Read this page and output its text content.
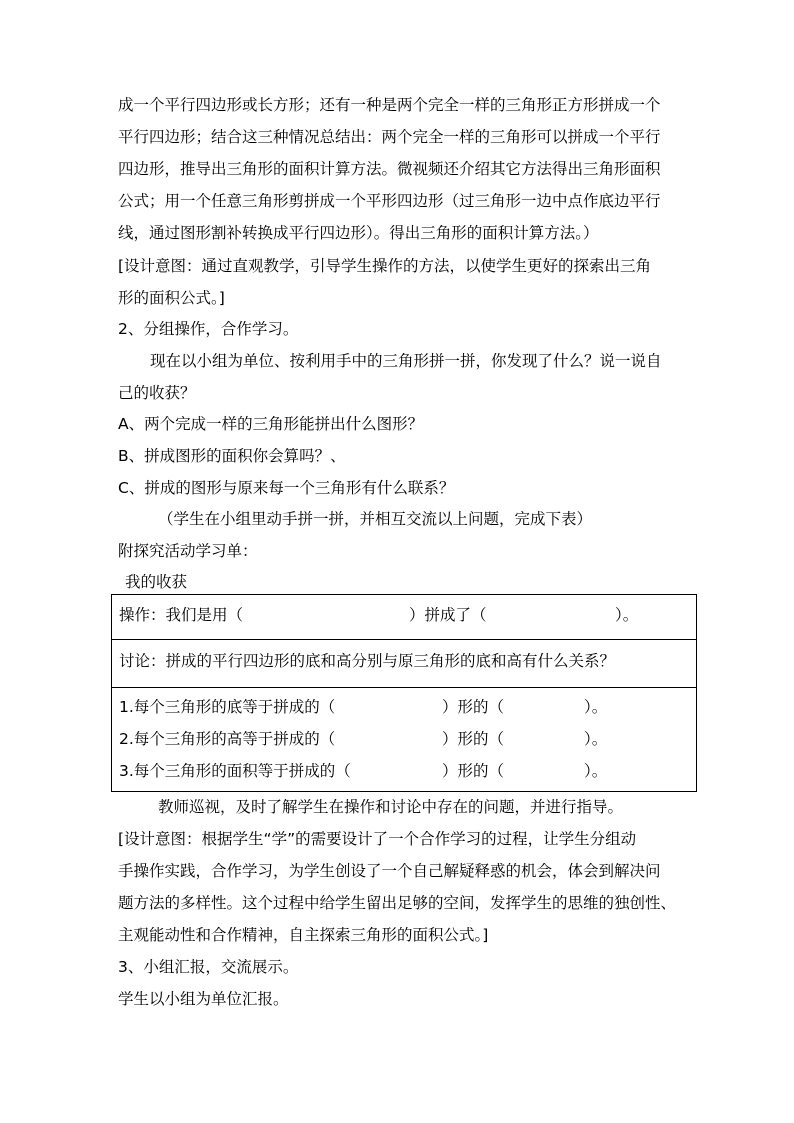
成一个平行四边形或长方形；还有一种是两个完全一样的三角形正方形拼成一个
平行四边形；结合这三种情况总结出：两个完全一样的三角形可以拼成一个平行
四边形，推导出三角形的面积计算方法。微视频还介绍其它方法得出三角形面积
公式；用一个任意三角形剪拼成一个平形四边形（过三角形一边中点作底边平行
线，通过图形割补转换成平行四边形）。得出三角形的面积计算方法。）
[设计意图：通过直观教学，引导学生操作的方法，以使学生更好的探索出三角
形的面积公式。]
2、分组操作，合作学习。
现在以小组为单位、按利用手中的三角形拼一拼，你发现了什么？说一说自
己的收获？
A、两个完成一样的三角形能拼出什么图形？
B、拼成图形的面积你会算吗？、
C、拼成的图形与原来每一个三角形有什么联系？
（学生在小组里动手拼一拼，并相互交流以上问题，完成下表）
附探究活动学习单：
我的收获
操作：我们是用（	）拼成了（	）。
讨论：拼成的平行四边形的底和高分别与原三角形的底和高有什么关系？
1.每个三角形的底等于拼成的（	）形的（	）。
2.每个三角形的高等于拼成的（	）形的（	）。
3.每个三角形的面积等于拼成的（	）形的（	）。
教师巡视，及时了解学生在操作和讨论中存在的问题，并进行指导。
[设计意图：根据学生“学”的需要设计了一个合作学习的过程，让学生分组动
手操作实践，合作学习，为学生创设了一个自己解疑释惑的机会，体会到解决问
题方法的多样性。这个过程中给学生留出足够的空间，发挥学生的思维的独创性、
主观能动性和合作精神，自主探索三角形的面积公式。]
3、小组汇报，交流展示。
学生以小组为单位汇报。
